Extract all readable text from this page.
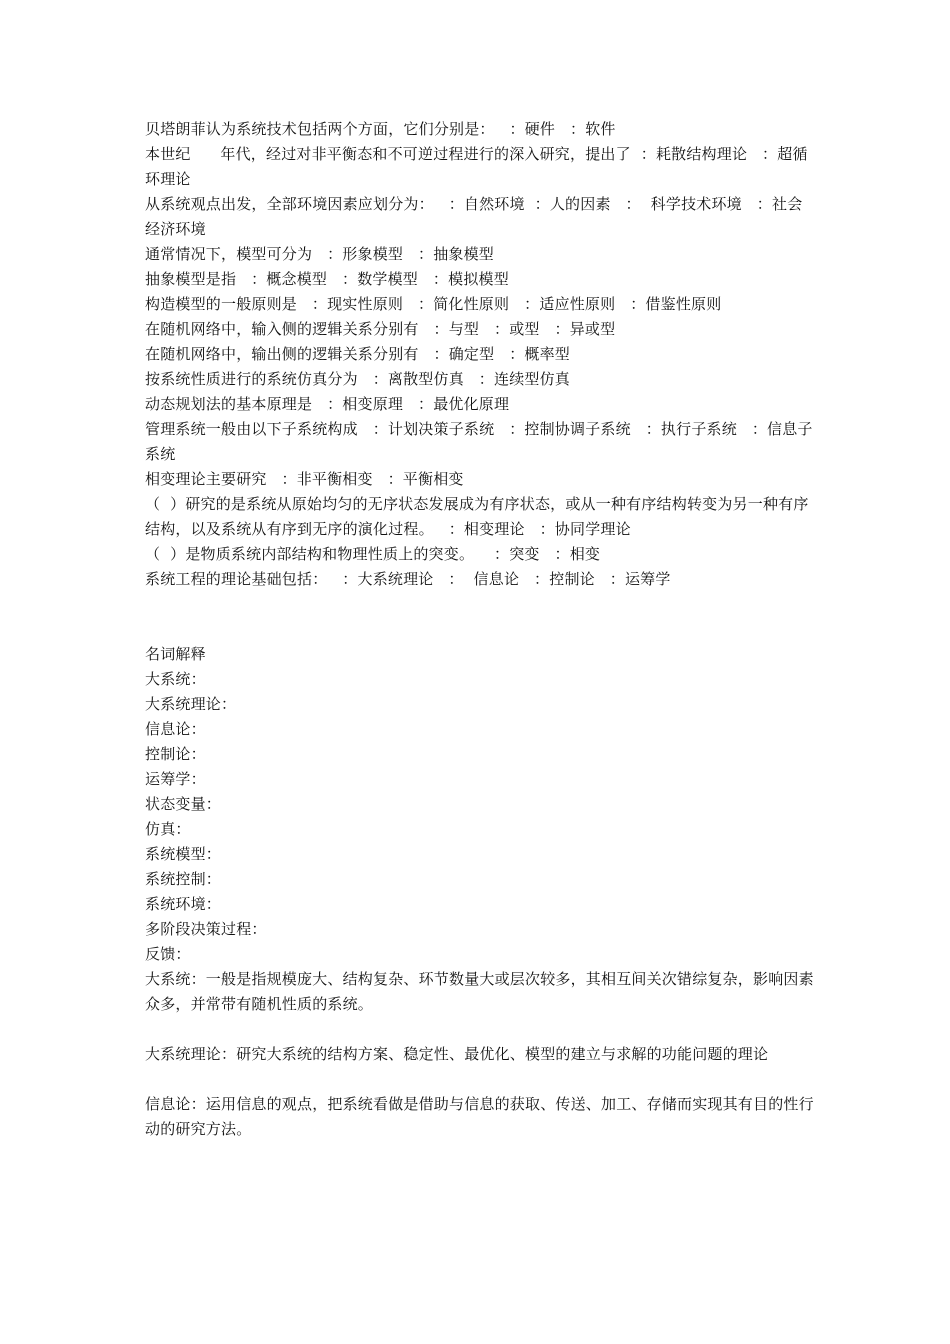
贝塔朗菲认为系统技术包括两个方面，它们分别是：   ：硬件   ：软件
本世纪      年代，经过对非平衡态和不可逆过程进行的深入研究，提出了  ：耗散结构理论   ：超循环理论
从系统观点出发，全部环境因素应划分为：   ：自然环境  ：人的因素   ：  科学技术环境   ：社会经济环境
通常情况下，模型可分为   ：形象模型   ：抽象模型
抽象模型是指   ：概念模型   ：数学模型   ：模拟模型
构造模型的一般原则是   ：现实性原则   ：简化性原则   ：适应性原则   ：借鉴性原则
在随机网络中，输入侧的逻辑关系分别有   ：与型   ：或型   ：异或型
在随机网络中，输出侧的逻辑关系分别有   ：确定型   ：概率型
按系统性质进行的系统仿真分为   ：离散型仿真   ：连续型仿真
动态规划法的基本原理是   ：相变原理   ：最优化原理
管理系统一般由以下子系统构成   ：计划决策子系统   ：控制协调子系统   ：执行子系统   ：信息子系统
相变理论主要研究   ：非平衡相变   ：平衡相变
（  ）研究的是系统从原始均匀的无序状态发展成为有序状态，或从一种有序结构转变为另一种有序结构，以及系统从有序到无序的演化过程。   ：相变理论   ：协同学理论
（  ）是物质系统内部结构和物理性质上的突变。    ：突变   ：相变
系统工程的理论基础包括：   ：大系统理论   ：  信息论   ：控制论   ：运筹学
名词解释
大系统：
大系统理论：
信息论：
控制论：
运筹学：
状态变量：
仿真：
系统模型：
系统控制：
系统环境：
多阶段决策过程：
反馈：
大系统：一般是指规模庞大、结构复杂、环节数量大或层次较多，其相互间关次错综复杂，影响因素众多，并常带有随机性质的系统。
大系统理论：研究大系统的结构方案、稳定性、最优化、模型的建立与求解的功能问题的理论
信息论：运用信息的观点，把系统看做是借助与信息的获取、传送、加工、存储而实现其有目的性行动的研究方法。
